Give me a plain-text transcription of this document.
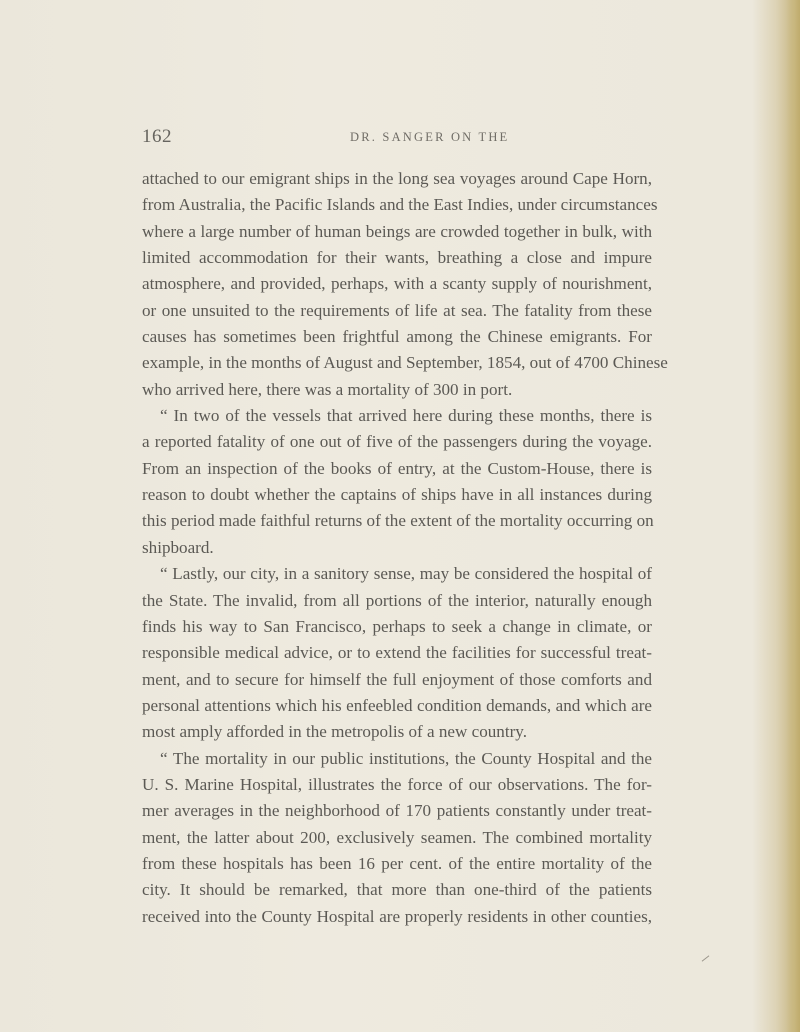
162	DR. SANGER ON THE
attached to our emigrant ships in the long sea voyages around Cape Horn,
from Australia, the Pacific Islands and the East Indies, under circumstances
where a large number of human beings are crowded together in bulk, with
limited accommodation for their wants, breathing a close and impure
atmosphere, and provided, perhaps, with a scanty supply of nourishment,
or one unsuited to the requirements of life at sea. The fatality from these
causes has sometimes been frightful among the Chinese emigrants. For
example, in the months of August and September, 1854, out of 4700 Chinese
who arrived here, there was a mortality of 300 in port.
“ In two of the vessels that arrived here during these months, there is
a reported fatality of one out of five of the passengers during the voyage.
From an inspection of the books of entry, at the Custom-House, there is
reason to doubt whether the captains of ships have in all instances during
this period made faithful returns of the extent of the mortality occurring on
shipboard.
“ Lastly, our city, in a sanitory sense, may be considered the hospital of
the State. The invalid, from all portions of the interior, naturally enough
finds his way to San Francisco, perhaps to seek a change in climate, or
responsible medical advice, or to extend the facilities for successful treat-
ment, and to secure for himself the full enjoyment of those comforts and
personal attentions which his enfeebled condition demands, and which are
most amply afforded in the metropolis of a new country.
“ The mortality in our public institutions, the County Hospital and the
U. S. Marine Hospital, illustrates the force of our observations. The for-
mer averages in the neighborhood of 170 patients constantly under treat-
ment, the latter about 200, exclusively seamen. The combined mortality
from these hospitals has been 16 per cent. of the entire mortality of the
city. It should be remarked, that more than one-third of the patients
received into the County Hospital are properly residents in other counties,
